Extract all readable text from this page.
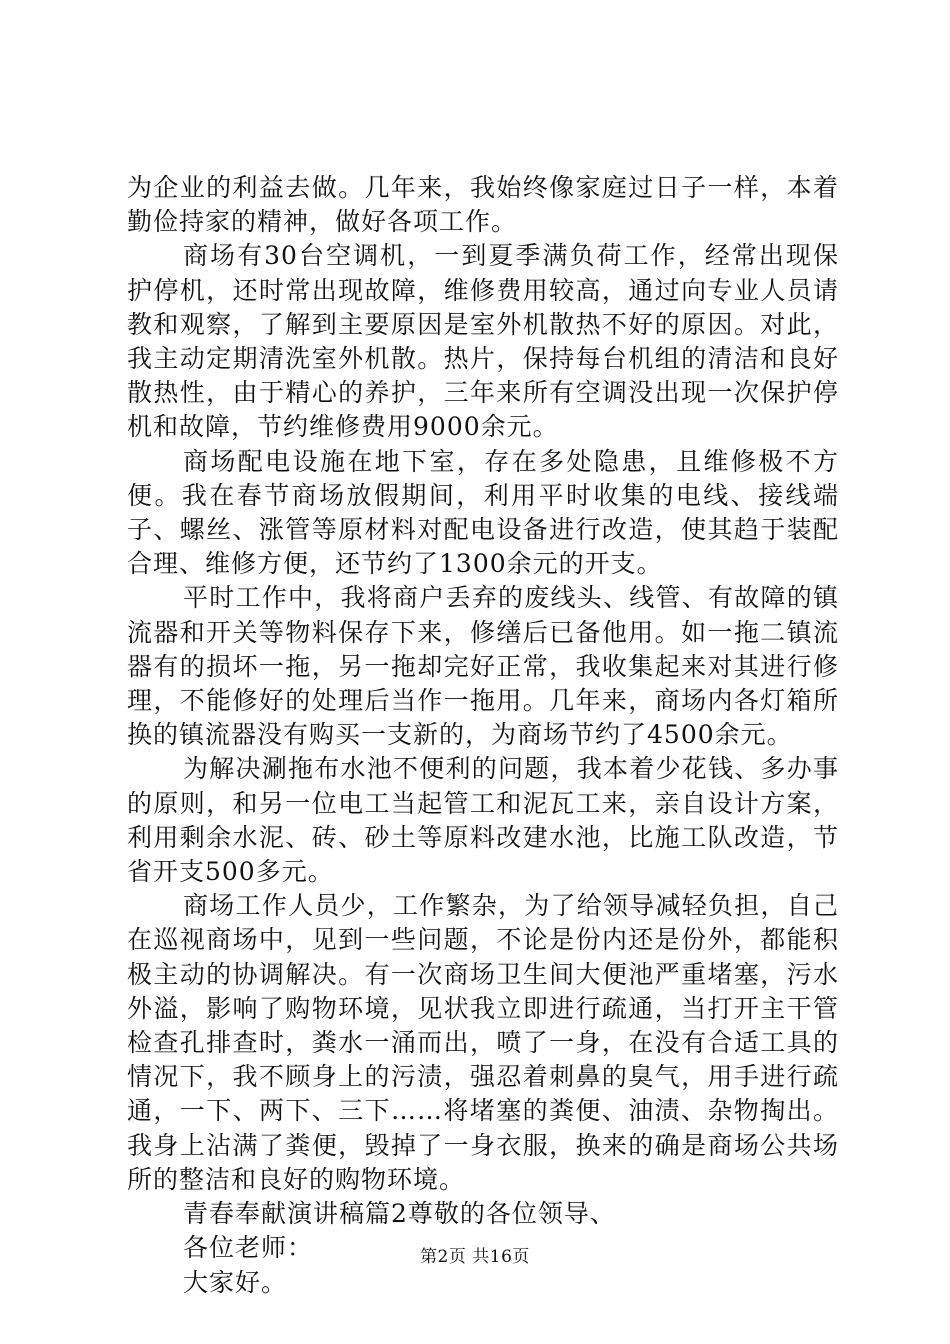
为企业的利益去做。几年来，我始终像家庭过日子一样，本着勤俭持家的精神，做好各项工作。

商场有30台空调机，一到夏季满负荷工作，经常出现保护停机，还时常出现故障，维修费用较高，通过向专业人员请教和观察，了解到主要原因是室外机散热不好的原因。对此，我主动定期清洗室外机散。热片，保持每台机组的清洁和良好散热性，由于精心的养护，三年来所有空调没出现一次保护停机和故障，节约维修费用9000余元。

商场配电设施在地下室，存在多处隐患，且维修极不方便。我在春节商场放假期间，利用平时收集的电线、接线端子、螺丝、涨管等原材料对配电设备进行改造，使其趋于装配合理、维修方便，还节约了1300余元的开支。

平时工作中，我将商户丢弃的废线头、线管、有故障的镇流器和开关等物料保存下来，修缮后已备他用。如一拖二镇流器有的损坏一拖，另一拖却完好正常，我收集起来对其进行修理，不能修好的处理后当作一拖用。几年来，商场内各灯箱所换的镇流器没有购买一支新的，为商场节约了4500余元。

为解决涮拖布水池不便利的问题，我本着少花钱、多办事的原则，和另一位电工当起管工和泥瓦工来，亲自设计方案，利用剩余水泥、砖、砂土等原料改建水池，比施工队改造，节省开支500多元。

商场工作人员少，工作繁杂，为了给领导减轻负担，自己在巡视商场中，见到一些问题，不论是份内还是份外，都能积极主动的协调解决。有一次商场卫生间大便池严重堵塞，污水外溢，影响了购物环境，见状我立即进行疏通，当打开主干管检查孔排查时，粪水一涌而出，喷了一身，在没有合适工具的情况下，我不顾身上的污渍，强忍着刺鼻的臭气，用手进行疏通，一下、两下、三下……将堵塞的粪便、油渍、杂物掏出。我身上沾满了粪便，毁掉了一身衣服，换来的确是商场公共场所的整洁和良好的购物环境。

青春奉献演讲稿篇2尊敬的各位领导、

各位老师：

大家好。

第2页 共16页
